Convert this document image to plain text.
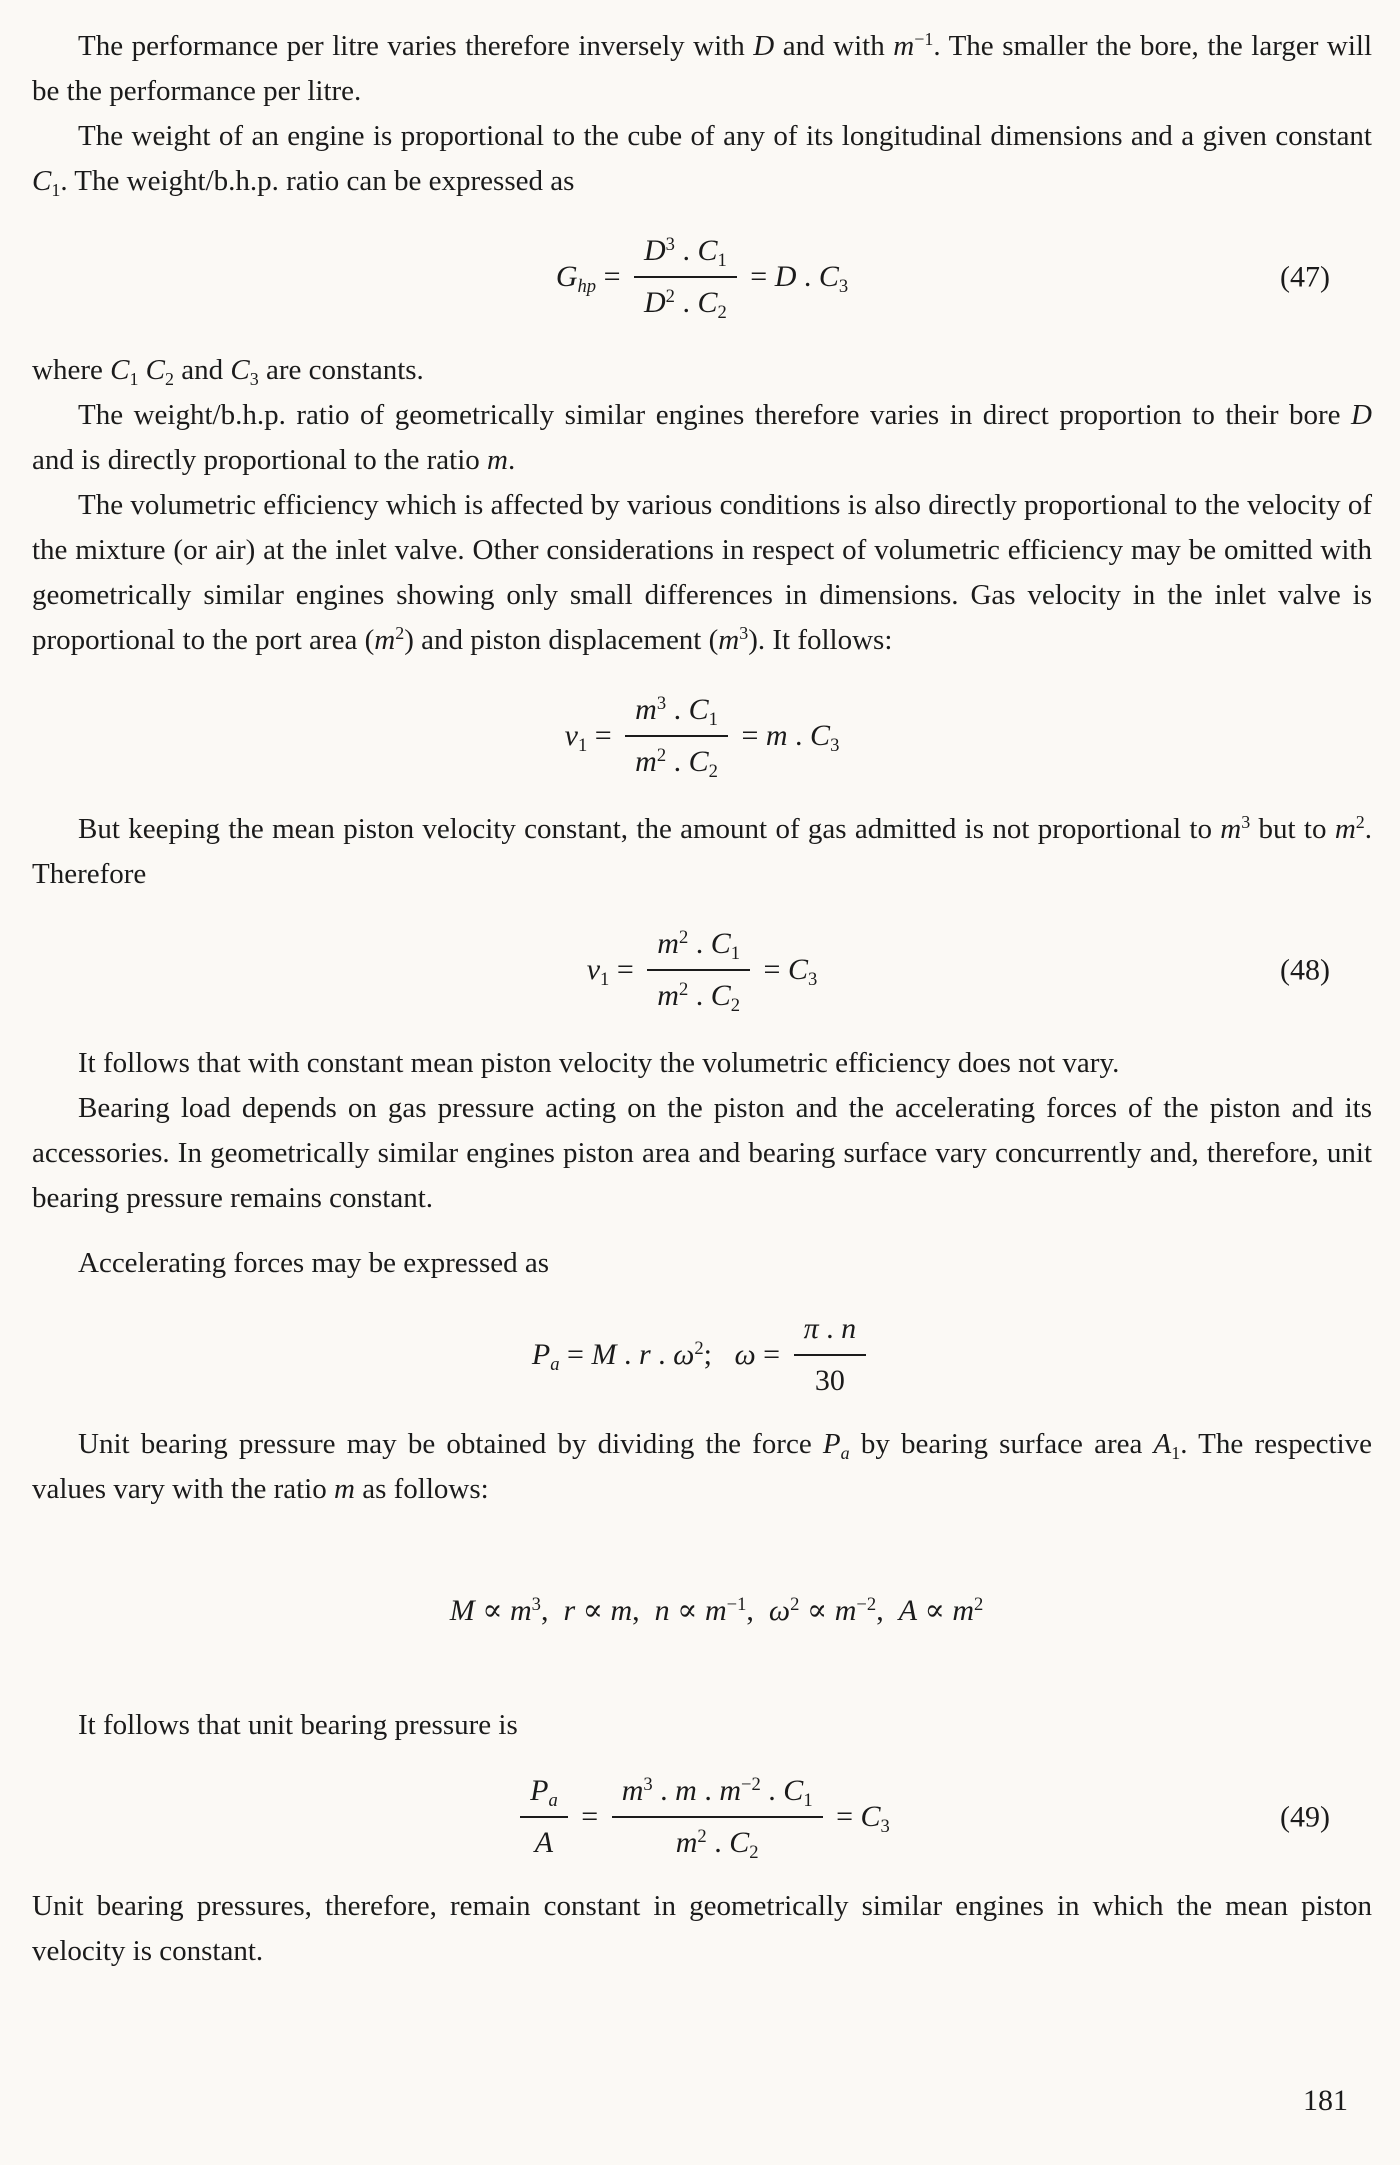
The performance per litre varies therefore inversely with D and with $m^{-1}$. The smaller the bore, the larger will be the performance per litre.

The weight of an engine is proportional to the cube of any of its longitudinal dimensions and a given constant C1. The weight/b.h.p. ratio can be expressed as

Ghp = $\frac{D^3 . C1}{D^2 . C2} = D$ . C3	(47)

where C1 C2 and C3 are constants.

The weight/b.h.p. ratio of geometrically similar engines therefore varies in direct proportion to their bore D and is directly proportional to the ratio m.

The volumetric efficiency which is affected by various conditions is also directly proportional to the velocity of the mixture (or air) at the inlet valve. Other considerations in respect of volumetric efficiency may be omitted with geometrically similar engines showing only small differences in dimensions. Gas velocity in the inlet valve is proportional to the port area $(m^2)$ and piston displacement $(m^3)$. It follows:

$v1 = \frac{m^3 . C1}{m^2 . C2} = m$ . C3

But keeping the mean piston velocity constant, the amount of gas admitted is not proportional to $m^3$ but to $m^2$. Therefore

$v1 = \frac{m^2 . C1}{m^2 . C2} = C3$	(48)

It follows that with constant mean piston velocity the volumetric efficiency does not vary.

Bearing load depends on gas pressure acting on the piston and the accelerating forces of the piston and its accessories. In geometrically similar engines piston area and bearing surface vary concurrently and, therefore, unit bearing pressure remains constant.

Accelerating forces may be expressed as

Pa = M . r . $\omega^2$;   $\omega = \frac{\pi . n}{30}$

Unit bearing pressure may be obtained by dividing the force Pa by bearing surface area A1. The respective values vary with the ratio m as follows:

$M \propto m^3$,  r ∝ m,  $n \propto m^{-1}$,  $\omega^2 \propto m^{-2}$,  $A \propto m^2$

It follows that unit bearing pressure is

$\frac{Pa}{A} = \frac{m^3 . m . m^{-2} . C1}{m^2 . C2} = C3$	(49)

Unit bearing pressures, therefore, remain constant in geometrically similar engines in which the mean piston velocity is constant.

181
